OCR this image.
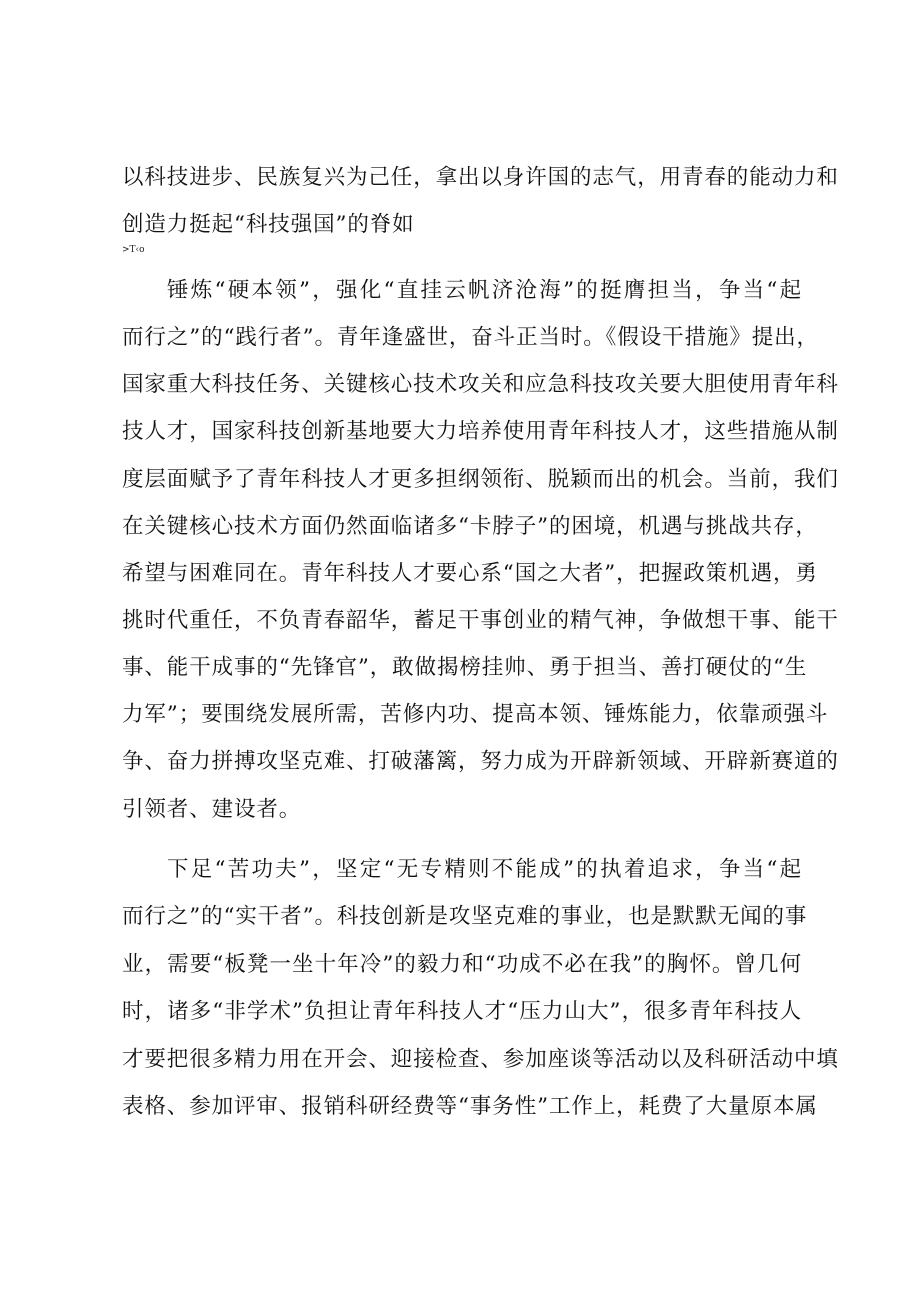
以科技进步、民族复兴为己任，拿出以身许国的志气，用青春的能动力和
创造力挺起“科技强国”的脊如
>T‹o
锤炼“硬本领”，强化“直挂云帆济沧海”的挺膺担当，争当“起
而行之”的“践行者”。青年逢盛世，奋斗正当时。《假设干措施》提出，
国家重大科技任务、关键核心技术攻关和应急科技攻关要大胆使用青年科
技人才，国家科技创新基地要大力培养使用青年科技人才，这些措施从制
度层面赋予了青年科技人才更多担纲领衔、脱颖而出的机会。当前，我们
在关键核心技术方面仍然面临诸多“卡脖子”的困境，机遇与挑战共存，
希望与困难同在。青年科技人才要心系“国之大者”，把握政策机遇，勇
挑时代重任，不负青春韶华，蓄足干事创业的精气神，争做想干事、能干
事、能干成事的“先锋官”，敢做揭榜挂帅、勇于担当、善打硬仗的“生
力军”；要围绕发展所需，苦修内功、提高本领、锤炼能力，依靠顽强斗
争、奋力拼搏攻坚克难、打破藩篱，努力成为开辟新领域、开辟新赛道的
引领者、建设者。
下足“苦功夫”，坚定“无专精则不能成”的执着追求，争当“起
而行之”的“实干者”。科技创新是攻坚克难的事业，也是默默无闻的事
业，需要“板凳一坐十年冷”的毅力和“功成不必在我”的胸怀。曾几何
时，诸多“非学术”负担让青年科技人才“压力山大”，很多青年科技人
才要把很多精力用在开会、迎接检查、参加座谈等活动以及科研活动中填
表格、参加评审、报销科研经费等“事务性”工作上，耗费了大量原本属
